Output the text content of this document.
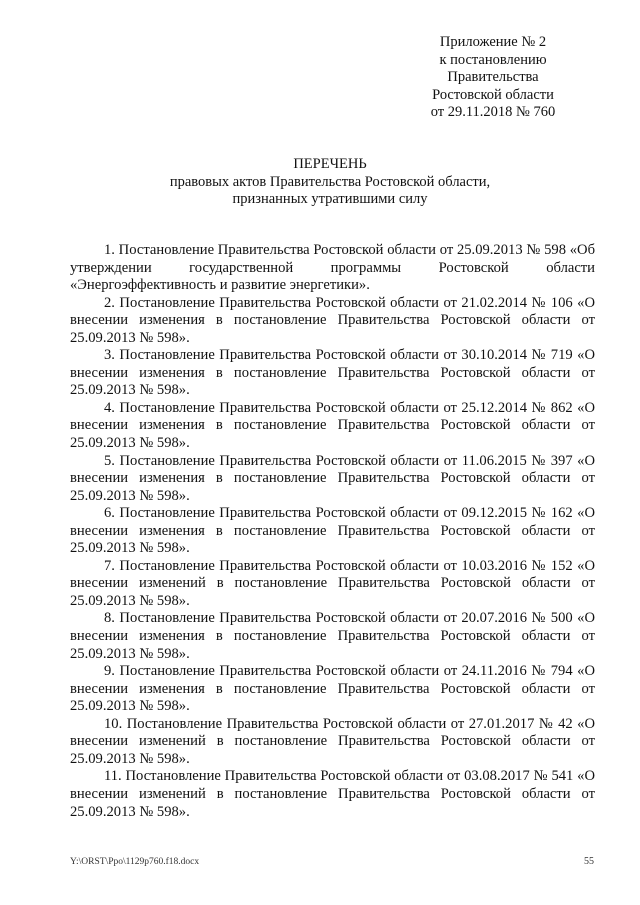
Приложение № 2
к постановлению
Правительства
Ростовской области
от 29.11.2018 № 760
ПЕРЕЧЕНЬ
правовых актов Правительства Ростовской области,
признанных утратившими силу

1. Постановление Правительства Ростовской области от 25.09.2013 № 598 «Об утверждении государственной программы Ростовской области «Энергоэффективность и развитие энергетики».

2. Постановление Правительства Ростовской области от 21.02.2014 № 106 «О внесении изменения в постановление Правительства Ростовской области от 25.09.2013 № 598».

3. Постановление Правительства Ростовской области от 30.10.2014 № 719 «О внесении изменения в постановление Правительства Ростовской области от 25.09.2013 № 598».

4. Постановление Правительства Ростовской области от 25.12.2014 № 862 «О внесении изменения в постановление Правительства Ростовской области от 25.09.2013 № 598».

5. Постановление Правительства Ростовской области от 11.06.2015 № 397 «О внесении изменения в постановление Правительства Ростовской области от 25.09.2013 № 598».

6. Постановление Правительства Ростовской области от 09.12.2015 № 162 «О внесении изменения в постановление Правительства Ростовской области от 25.09.2013 № 598».

7. Постановление Правительства Ростовской области от 10.03.2016 № 152 «О внесении изменений в постановление Правительства Ростовской области от 25.09.2013 № 598».

8. Постановление Правительства Ростовской области от 20.07.2016 № 500 «О внесении изменения в постановление Правительства Ростовской области от 25.09.2013 № 598».

9. Постановление Правительства Ростовской области от 24.11.2016 № 794 «О внесении изменения в постановление Правительства Ростовской области от 25.09.2013 № 598».

10. Постановление Правительства Ростовской области от 27.01.2017 № 42 «О внесении изменений в постановление Правительства Ростовской области от 25.09.2013 № 598».

11. Постановление Правительства Ростовской области от 03.08.2017 № 541 «О внесении изменений в постановление Правительства Ростовской области от 25.09.2013 № 598».

Y:\ORST\Ppo\1129p760.f18.docx	55
